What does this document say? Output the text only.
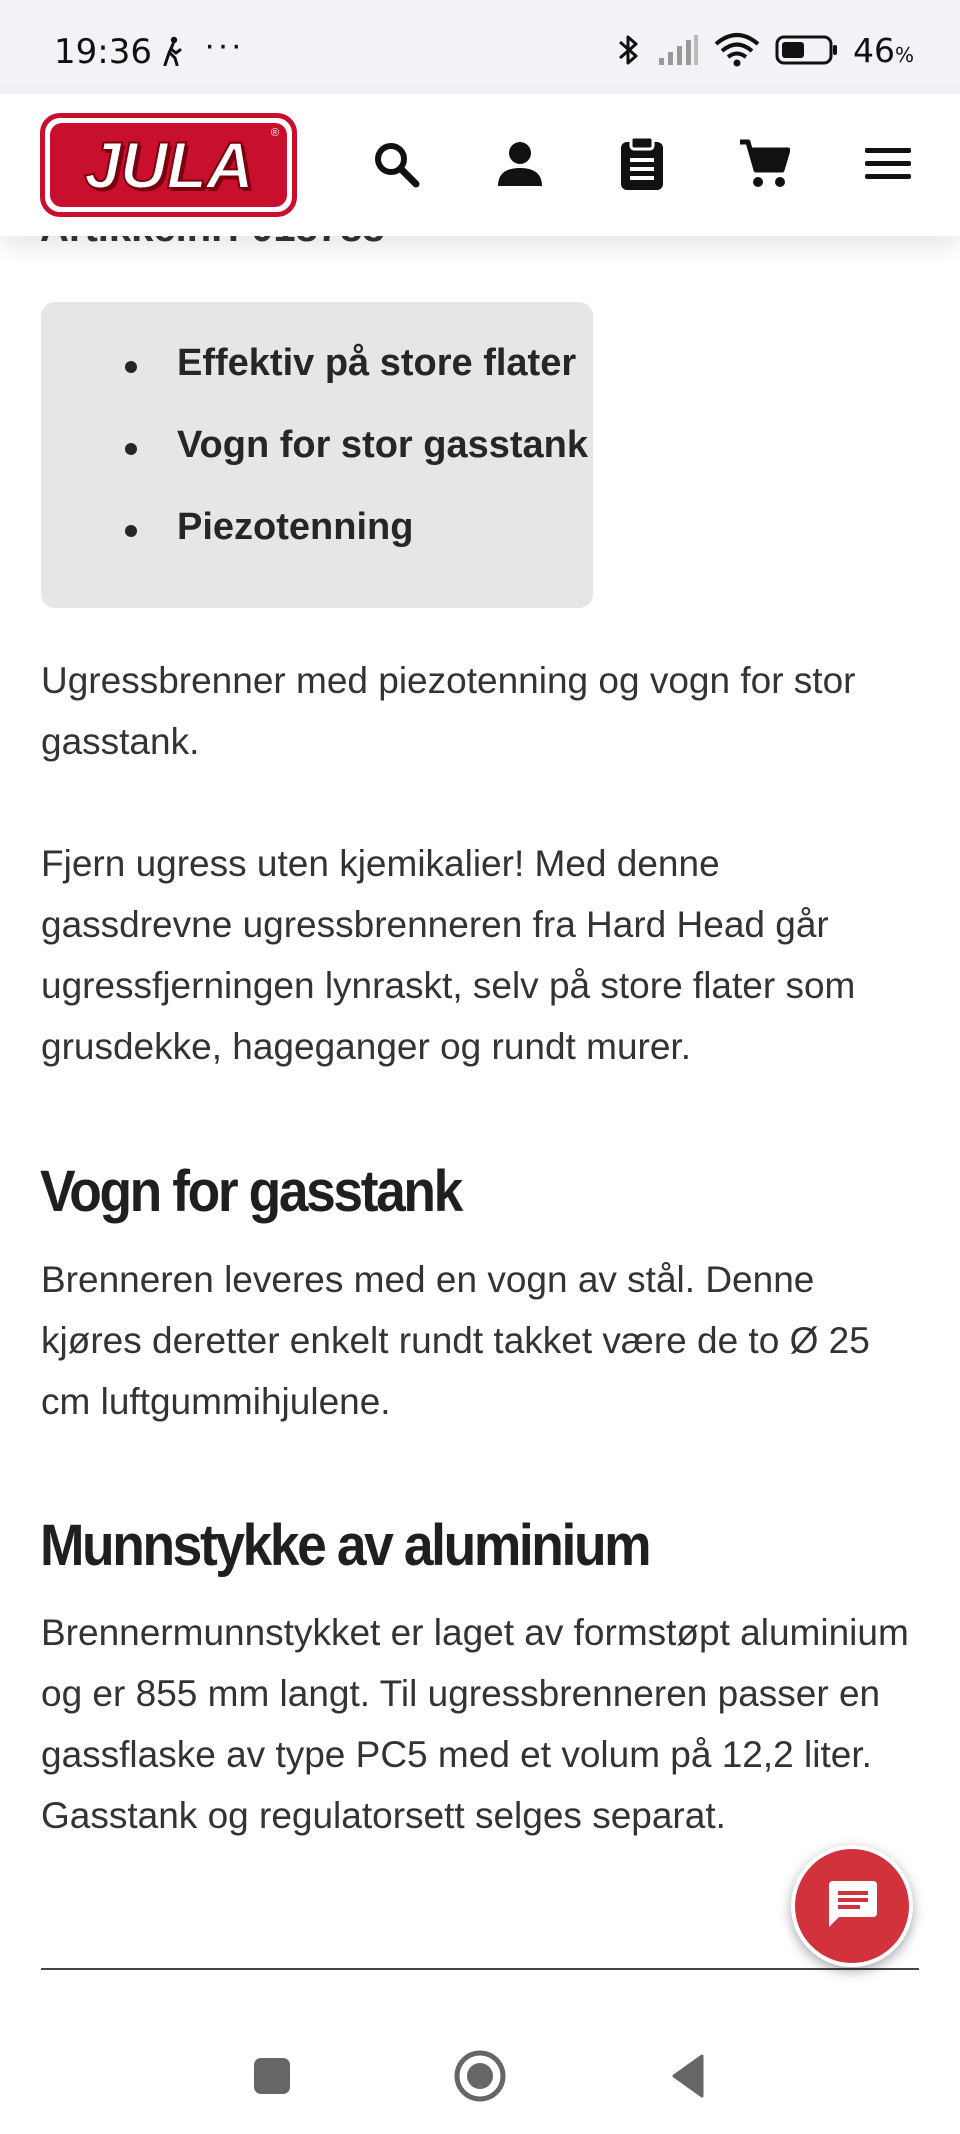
19:36 ···	46%
JULA ®
Effektiv på store flater
Vogn for stor gasstank
Piezotenning

Ugressbrenner med piezotenning og vogn for stor gasstank.

Fjern ugress uten kjemikalier! Med denne gassdrevne ugressbrenneren fra Hard Head går ugressfjerningen lynraskt, selv på store flater som grusdekke, hageganger og rundt murer.

Vogn for gasstank

Brenneren leveres med en vogn av stål. Denne kjøres deretter enkelt rundt takket være de to Ø 25 cm luftgummihjulene.

Munnstykke av aluminium

Brennermunnstykket er laget av formstøpt aluminium og er 855 mm langt. Til ugressbrenneren passer en gassflaske av type PC5 med et volum på 12,2 liter. Gasstank og regulatorsett selges separat.
